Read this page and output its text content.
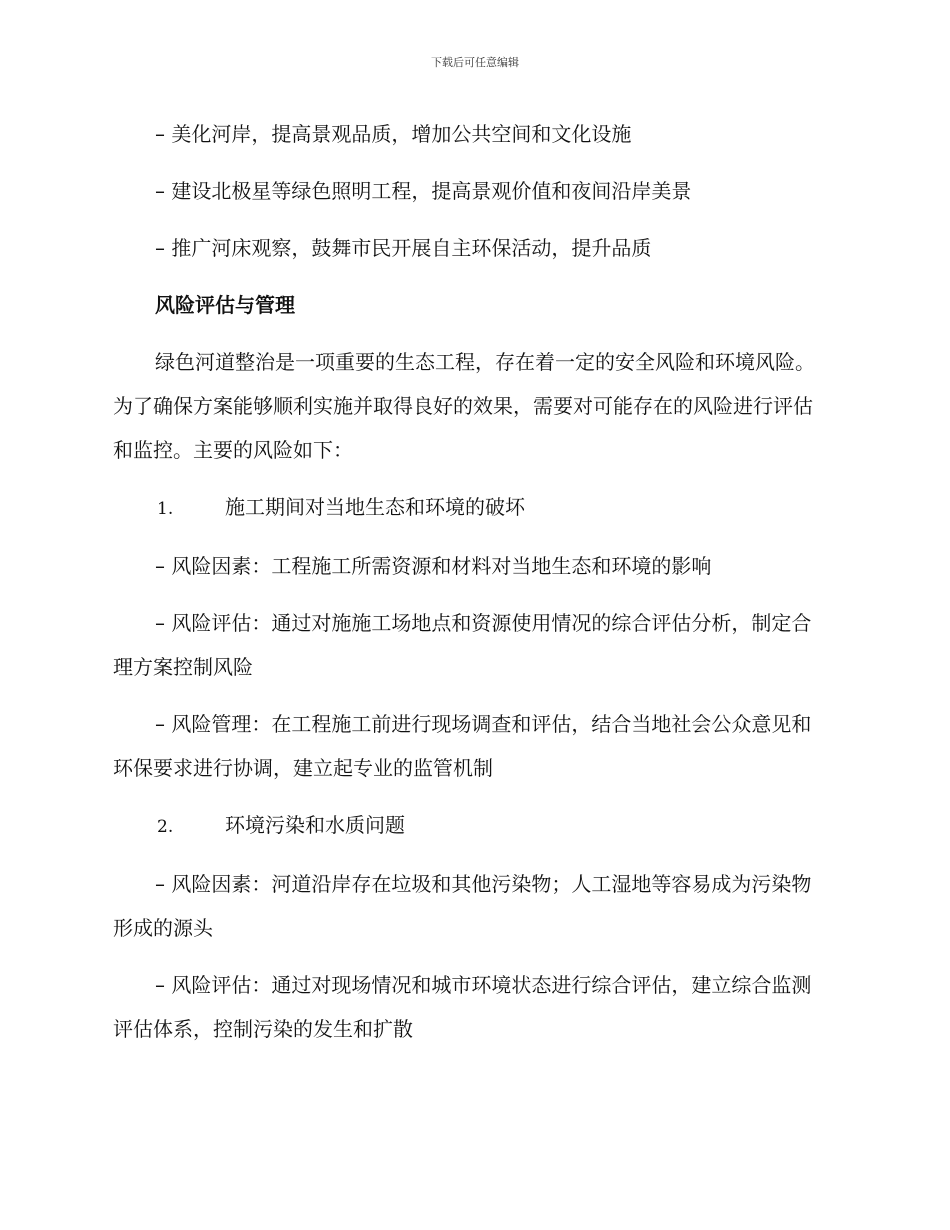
下载后可任意编辑

– 美化河岸，提高景观品质，增加公共空间和文化设施

– 建设北极星等绿色照明工程，提高景观价值和夜间沿岸美景

– 推广河床观察，鼓舞市民开展自主环保活动，提升品质

风险评估与管理

绿色河道整治是一项重要的生态工程，存在着一定的安全风险和环境风险。为了确保方案能够顺利实施并取得良好的效果，需要对可能存在的风险进行评估和监控。主要的风险如下：

1.	施工期间对当地生态和环境的破坏

– 风险因素：工程施工所需资源和材料对当地生态和环境的影响

– 风险评估：通过对施施工场地点和资源使用情况的综合评估分析，制定合理方案控制风险

– 风险管理：在工程施工前进行现场调查和评估，结合当地社会公众意见和环保要求进行协调，建立起专业的监管机制

2.	环境污染和水质问题

– 风险因素：河道沿岸存在垃圾和其他污染物；人工湿地等容易成为污染物形成的源头

– 风险评估：通过对现场情况和城市环境状态进行综合评估，建立综合监测评估体系，控制污染的发生和扩散
